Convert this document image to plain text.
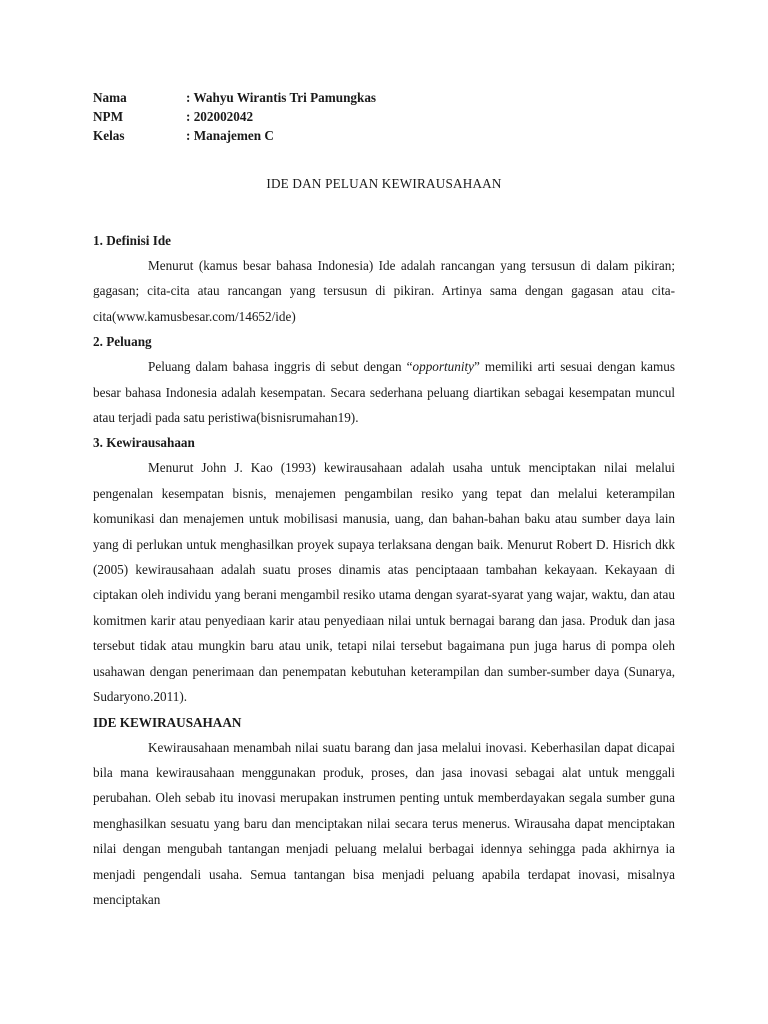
Nama	: Wahyu Wirantis Tri Pamungkas
NPM	: 202002042
Kelas	: Manajemen C
IDE DAN PELUAN KEWIRAUSAHAAN
1. Definisi Ide

Menurut (kamus besar bahasa Indonesia) Ide adalah rancangan yang tersusun di dalam pikiran; gagasan; cita-cita atau rancangan yang tersusun di pikiran. Artinya sama dengan gagasan atau cita-cita(www.kamusbesar.com/14652/ide)

2. Peluang

Peluang dalam bahasa inggris di sebut dengan “opportunity” memiliki arti sesuai dengan kamus besar bahasa Indonesia adalah kesempatan. Secara sederhana peluang diartikan sebagai kesempatan muncul atau terjadi pada satu peristiwa(bisnisrumahan19).

3. Kewirausahaan

Menurut John J. Kao (1993) kewirausahaan adalah usaha untuk menciptakan nilai melalui pengenalan kesempatan bisnis, menajemen pengambilan resiko yang tepat dan melalui keterampilan komunikasi dan menajemen untuk mobilisasi manusia, uang, dan bahan-bahan baku atau sumber daya lain yang di perlukan untuk menghasilkan proyek supaya terlaksana dengan baik. Menurut Robert D. Hisrich dkk (2005) kewirausahaan adalah suatu proses dinamis atas penciptaaan tambahan kekayaan. Kekayaan di ciptakan oleh individu yang berani mengambil resiko utama dengan syarat-syarat yang wajar, waktu, dan atau komitmen karir atau penyediaan karir atau penyediaan nilai untuk bernagai barang dan jasa. Produk dan jasa tersebut tidak atau mungkin baru atau unik, tetapi nilai tersebut bagaimana pun juga harus di pompa oleh usahawan dengan penerimaan dan penempatan kebutuhan keterampilan dan sumber-sumber daya (Sunarya, Sudaryono.2011).

IDE KEWIRAUSAHAAN

Kewirausahaan menambah nilai suatu barang dan jasa melalui inovasi. Keberhasilan dapat dicapai bila mana kewirausahaan menggunakan produk, proses, dan jasa inovasi sebagai alat untuk menggali perubahan. Oleh sebab itu inovasi merupakan instrumen penting untuk memberdayakan segala sumber guna menghasilkan sesuatu yang baru dan menciptakan nilai secara terus menerus. Wirausaha dapat menciptakan nilai dengan mengubah tantangan menjadi peluang melalui berbagai idennya sehingga pada akhirnya ia menjadi pengendali usaha. Semua tantangan bisa menjadi peluang apabila terdapat inovasi, misalnya menciptakan
